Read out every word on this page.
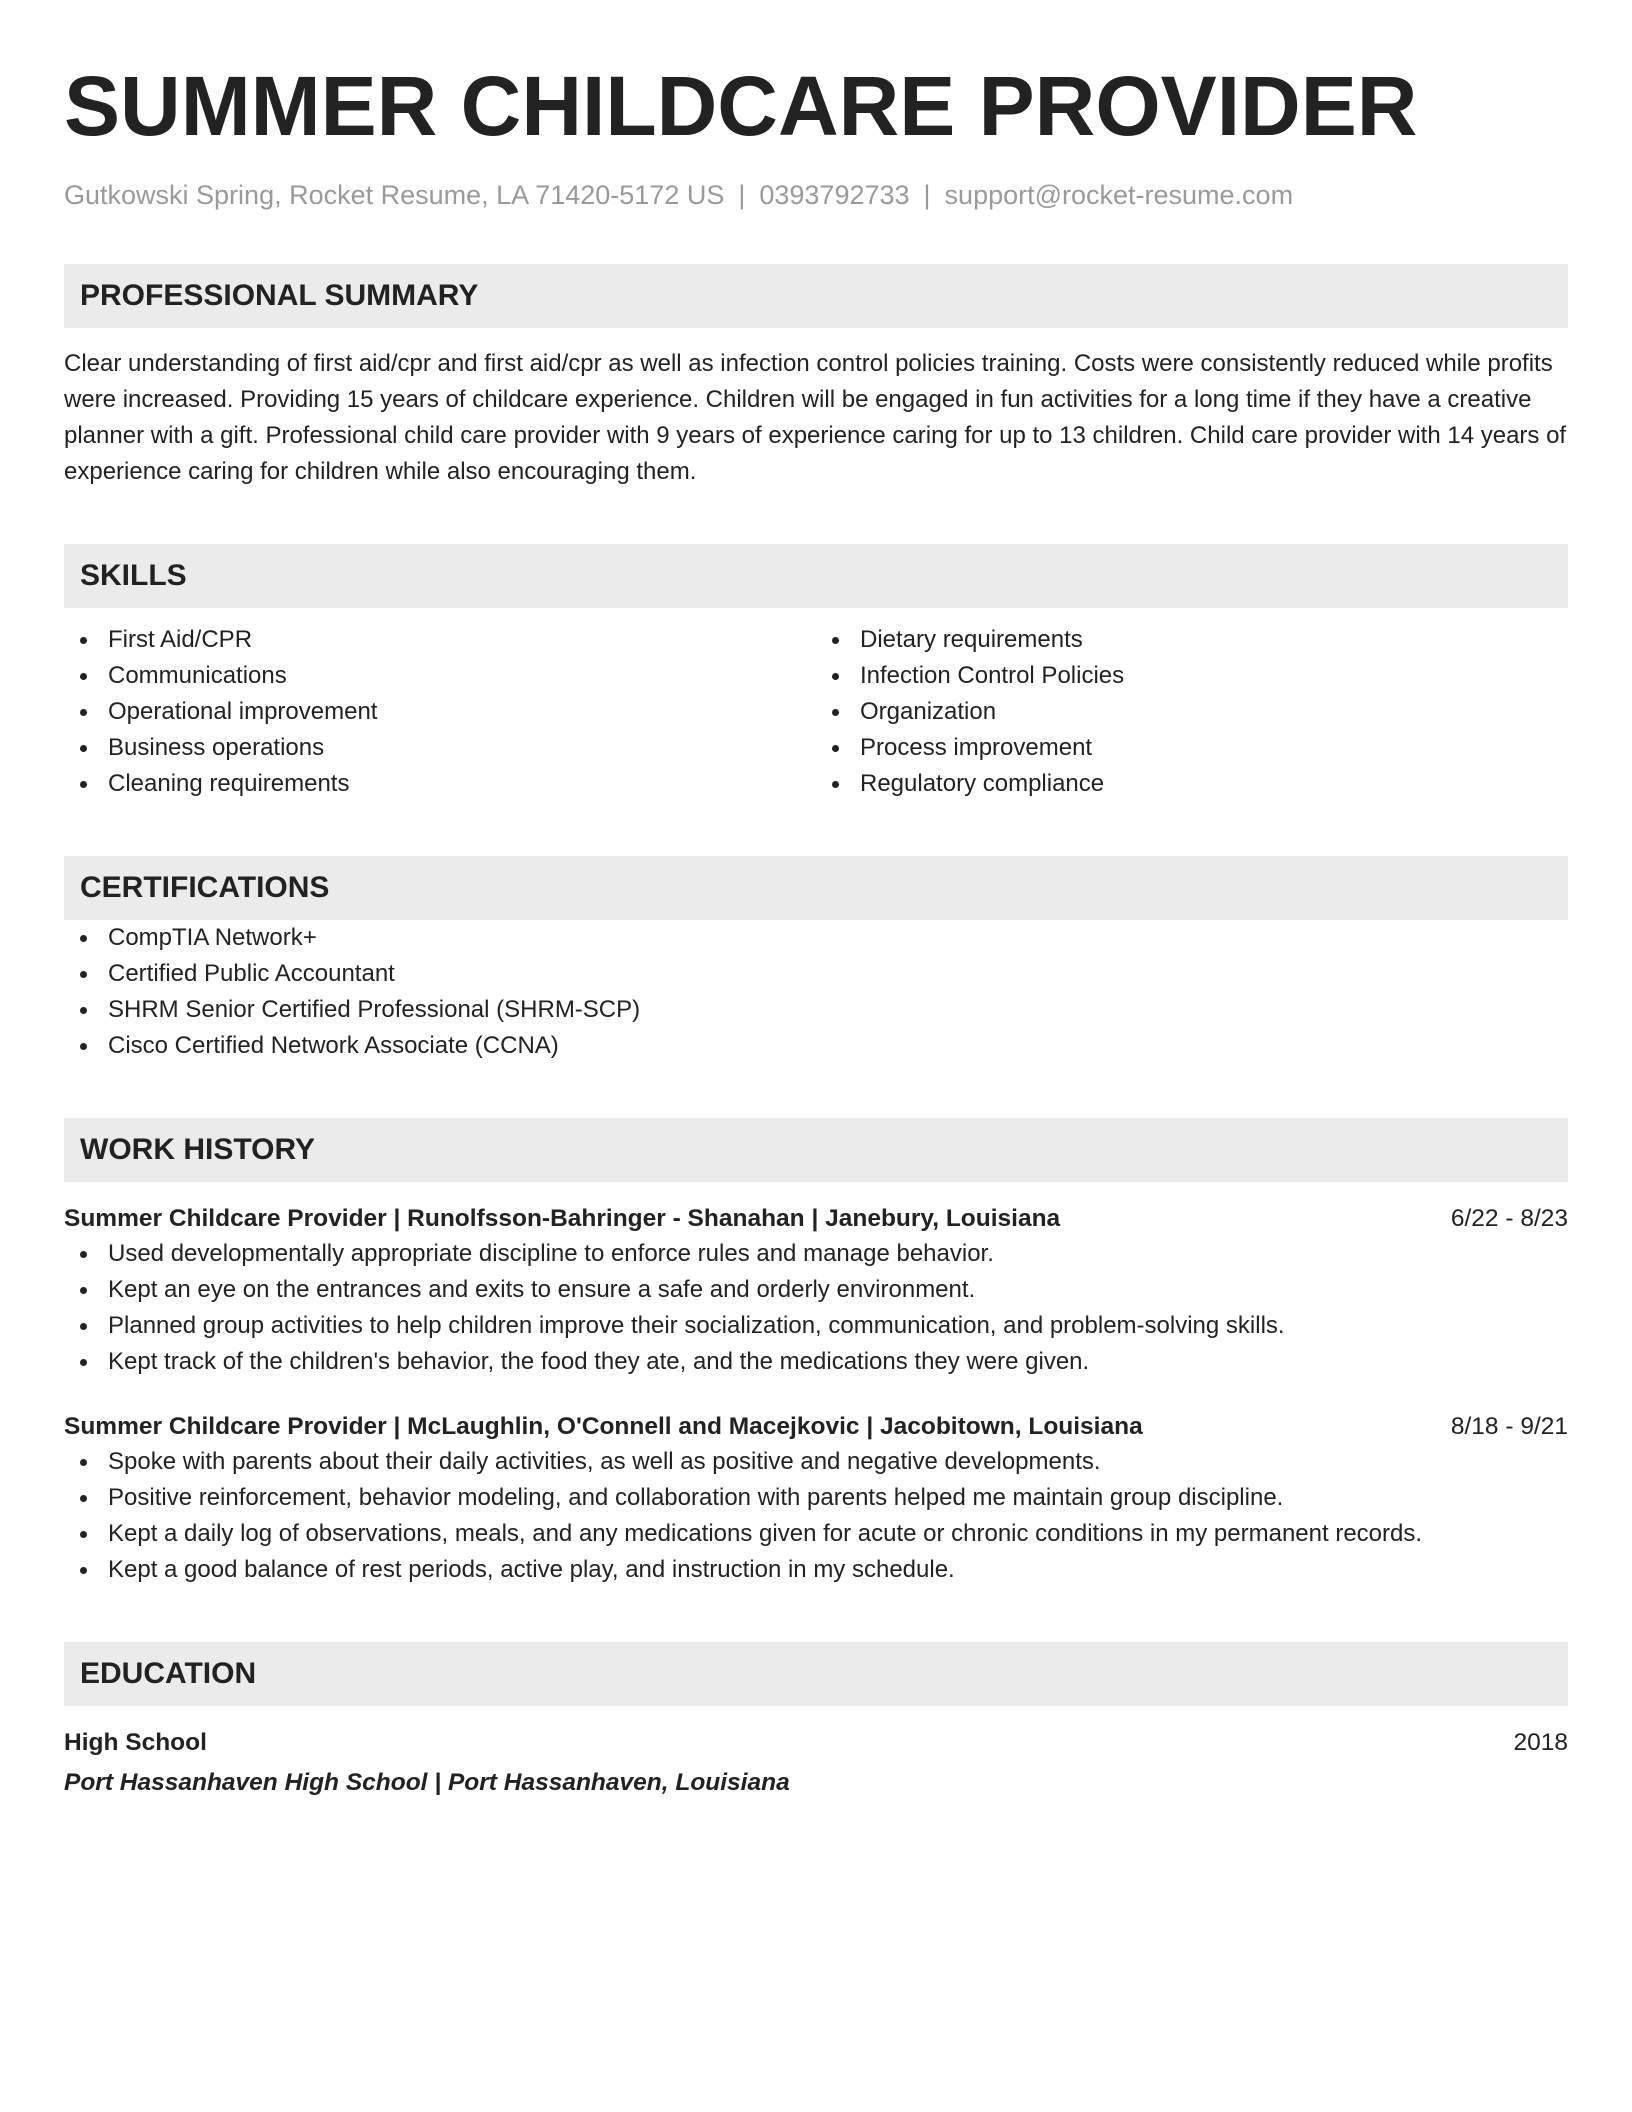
SUMMER CHILDCARE PROVIDER
Gutkowski Spring, Rocket Resume, LA 71420-5172 US | 0393792733 | support@rocket-resume.com
PROFESSIONAL SUMMARY
Clear understanding of first aid/cpr and first aid/cpr as well as infection control policies training. Costs were consistently reduced while profits were increased. Providing 15 years of childcare experience. Children will be engaged in fun activities for a long time if they have a creative planner with a gift. Professional child care provider with 9 years of experience caring for up to 13 children. Child care provider with 14 years of experience caring for children while also encouraging them.
SKILLS
First Aid/CPR
Communications
Operational improvement
Business operations
Cleaning requirements
Dietary requirements
Infection Control Policies
Organization
Process improvement
Regulatory compliance
CERTIFICATIONS
CompTIA Network+
Certified Public Accountant
SHRM Senior Certified Professional (SHRM-SCP)
Cisco Certified Network Associate (CCNA)
WORK HISTORY
Summer Childcare Provider | Runolfsson-Bahringer - Shanahan | Janebury, Louisiana	6/22 - 8/23
Used developmentally appropriate discipline to enforce rules and manage behavior.
Kept an eye on the entrances and exits to ensure a safe and orderly environment.
Planned group activities to help children improve their socialization, communication, and problem-solving skills.
Kept track of the children's behavior, the food they ate, and the medications they were given.
Summer Childcare Provider | McLaughlin, O'Connell and Macejkovic | Jacobitown, Louisiana	8/18 - 9/21
Spoke with parents about their daily activities, as well as positive and negative developments.
Positive reinforcement, behavior modeling, and collaboration with parents helped me maintain group discipline.
Kept a daily log of observations, meals, and any medications given for acute or chronic conditions in my permanent records.
Kept a good balance of rest periods, active play, and instruction in my schedule.
EDUCATION
High School	2018
Port Hassanhaven High School | Port Hassanhaven, Louisiana
